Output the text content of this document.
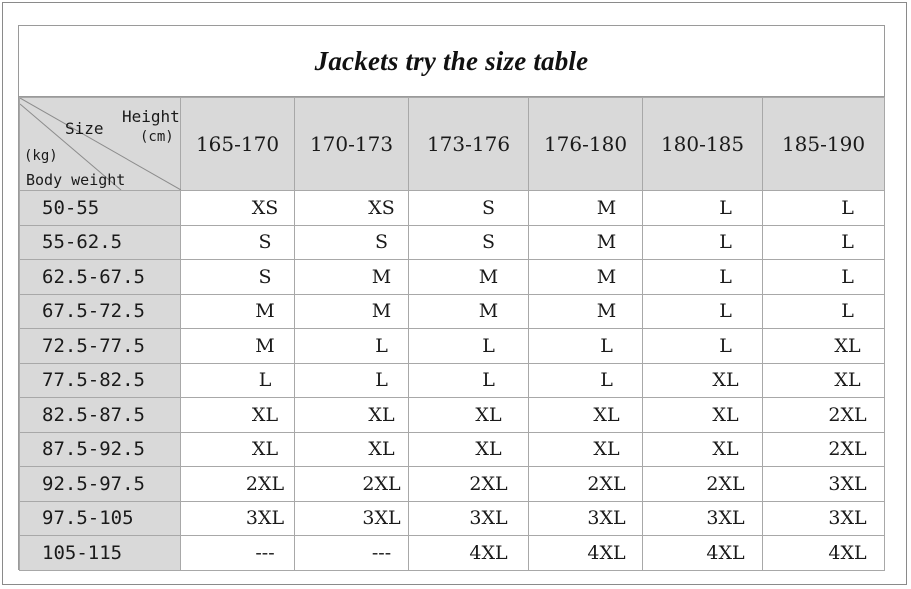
Jackets try the size table
Size
Height
(cm)
(kg)
Body weight	165-170	170-173	173-176	176-180	180-185	185-190
50-55	XS	XS	S	M	L	L
55-62.5	S	S	S	M	L	L
62.5-67.5	S	M	M	M	L	L
67.5-72.5	M	M	M	M	L	L
72.5-77.5	M	L	L	L	L	XL
77.5-82.5	L	L	L	L	XL	XL
82.5-87.5	XL	XL	XL	XL	XL	2XL
87.5-92.5	XL	XL	XL	XL	XL	2XL
92.5-97.5	2XL	2XL	2XL	2XL	2XL	3XL
97.5-105	3XL	3XL	3XL	3XL	3XL	3XL
105-115	---	---	4XL	4XL	4XL	4XL
